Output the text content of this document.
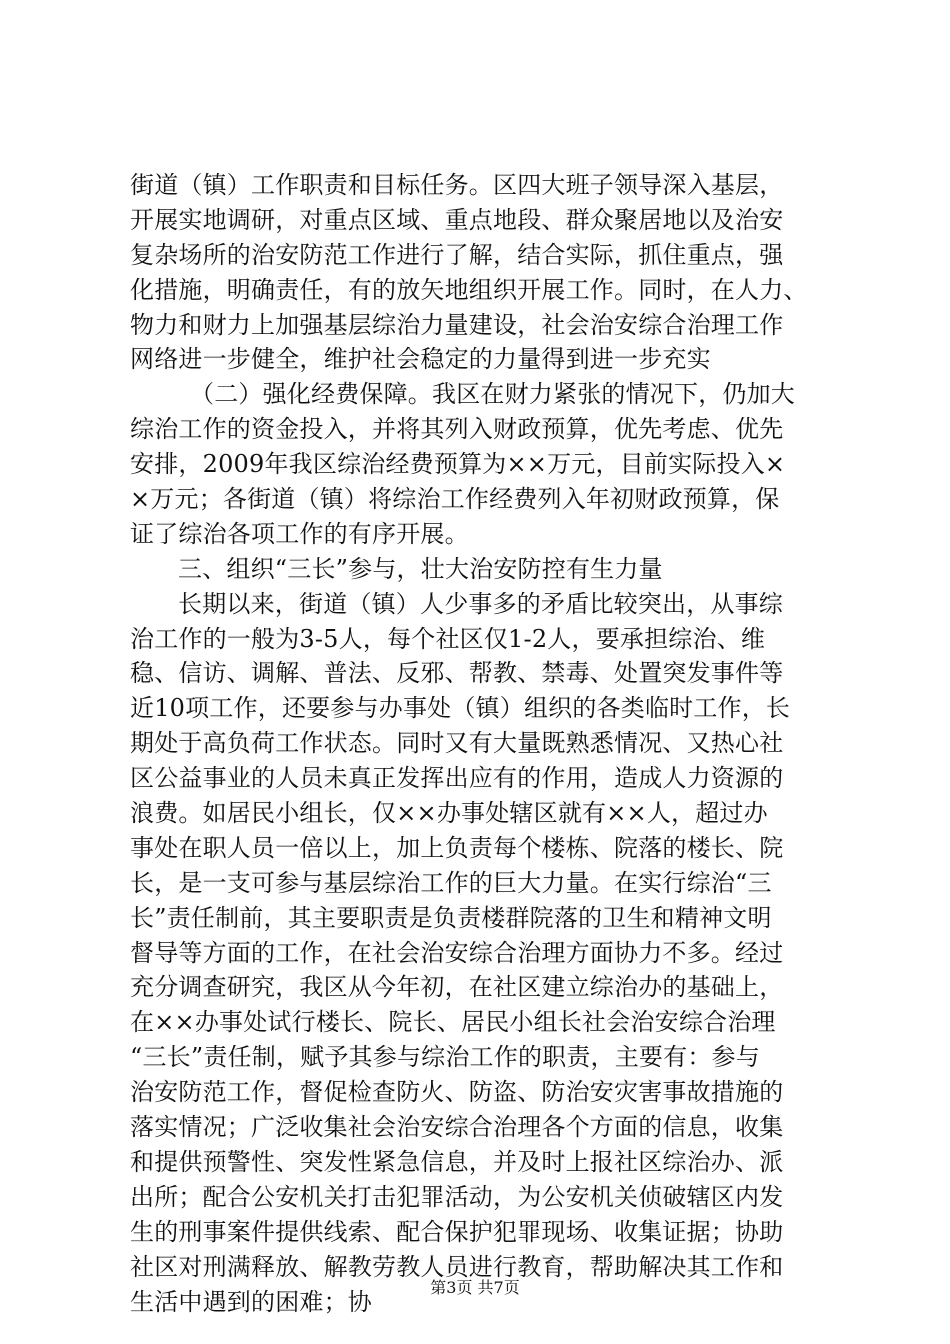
街道（镇）工作职责和目标任务。区四大班子领导深入基层，
开展实地调研，对重点区域、重点地段、群众聚居地以及治安
复杂场所的治安防范工作进行了解，结合实际，抓住重点，强
化措施，明确责任，有的放矢地组织开展工作。同时，在人力、
物力和财力上加强基层综治力量建设，社会治安综合治理工作
网络进一步健全，维护社会稳定的力量得到进一步充实
（二）强化经费保障。我区在财力紧张的情况下，仍加大
综治工作的资金投入，并将其列入财政预算，优先考虑、优先
安排，2009年我区综治经费预算为××万元，目前实际投入×
×万元；各街道（镇）将综治工作经费列入年初财政预算，保
证了综治各项工作的有序开展。
三、组织“三长”参与，壮大治安防控有生力量
长期以来，街道（镇）人少事多的矛盾比较突出，从事综
治工作的一般为3-5人，每个社区仅1-2人，要承担综治、维
稳、信访、调解、普法、反邪、帮教、禁毒、处置突发事件等
近10项工作，还要参与办事处（镇）组织的各类临时工作，长
期处于高负荷工作状态。同时又有大量既熟悉情况、又热心社
区公益事业的人员未真正发挥出应有的作用，造成人力资源的
浪费。如居民小组长，仅××办事处辖区就有××人，超过办
事处在职人员一倍以上，加上负责每个楼栋、院落的楼长、院
长，是一支可参与基层综治工作的巨大力量。在实行综治“三
长”责任制前，其主要职责是负责楼群院落的卫生和精神文明
督导等方面的工作，在社会治安综合治理方面协力不多。经过
充分调查研究，我区从今年初，在社区建立综治办的基础上，
在××办事处试行楼长、院长、居民小组长社会治安综合治理
“三长”责任制，赋予其参与综治工作的职责，主要有：参与
治安防范工作，督促检查防火、防盗、防治安灾害事故措施的
落实情况；广泛收集社会治安综合治理各个方面的信息，收集
和提供预警性、突发性紧急信息，并及时上报社区综治办、派
出所；配合公安机关打击犯罪活动，为公安机关侦破辖区内发
生的刑事案件提供线索、配合保护犯罪现场、收集证据；协助
社区对刑满释放、解教劳教人员进行教育，帮助解决其工作和
生活中遇到的困难；协	第3页 共7页
